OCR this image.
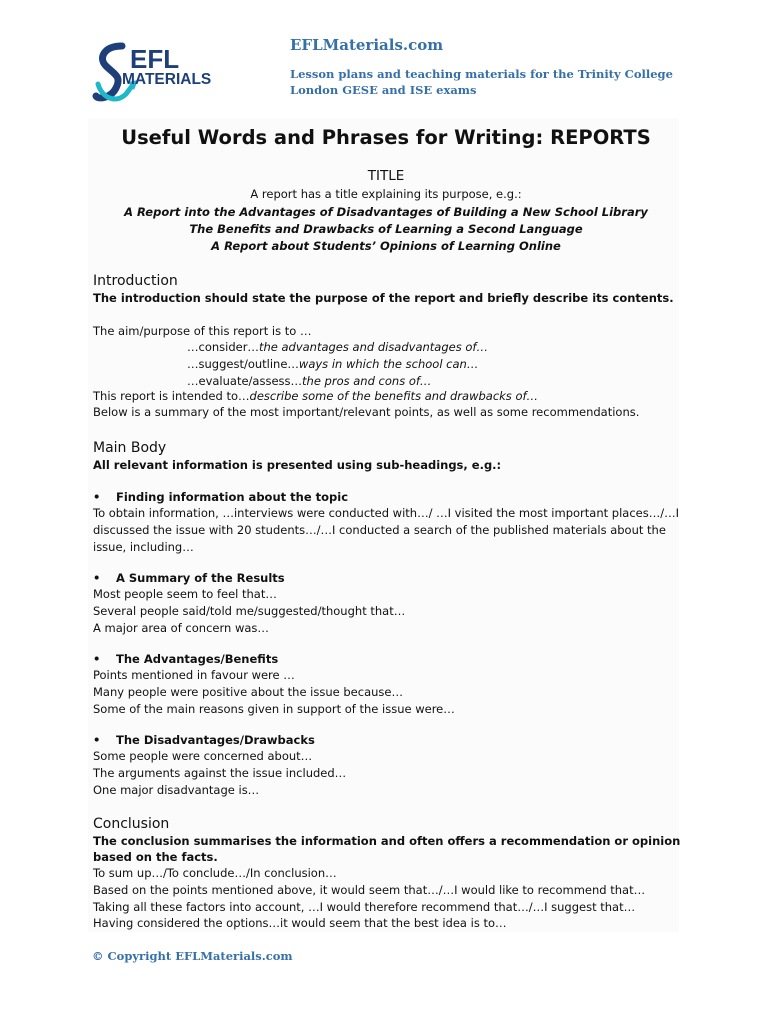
EFL
MATERIALS
EFLMaterials.com
Lesson plans and teaching materials for the Trinity College London GESE and ISE exams
Useful Words and Phrases for Writing: REPORTS
TITLE
A report has a title explaining its purpose, e.g.:
A Report into the Advantages of Disadvantages of Building a New School Library
The Benefits and Drawbacks of Learning a Second Language
A Report about Students’ Opinions of Learning Online
Introduction
The introduction should state the purpose of the report and briefly describe its contents.
The aim/purpose of this report is to …
…consider…the advantages and disadvantages of…
…suggest/outline…ways in which the school can…
…evaluate/assess…the pros and cons of…
This report is intended to…describe some of the benefits and drawbacks of…
Below is a summary of the most important/relevant points, as well as some recommendations.
Main Body
All relevant information is presented using sub-headings, e.g.:
• Finding information about the topic
To obtain information, …interviews were conducted with…/ …I visited the most important places…/…I
discussed the issue with 20 students…/…I conducted a search of the published materials about the
issue, including…
• A Summary of the Results
Most people seem to feel that…
Several people said/told me/suggested/thought that…
A major area of concern was…
• The Advantages/Benefits
Points mentioned in favour were …
Many people were positive about the issue because…
Some of the main reasons given in support of the issue were…
• The Disadvantages/Drawbacks
Some people were concerned about…
The arguments against the issue included…
One major disadvantage is…
Conclusion
The conclusion summarises the information and often offers a recommendation or opinion
based on the facts.
To sum up…/To conclude…/In conclusion…
Based on the points mentioned above, it would seem that…/…I would like to recommend that…
Taking all these factors into account, …I would therefore recommend that…/…I suggest that…
Having considered the options…it would seem that the best idea is to…
© Copyright EFLMaterials.com
